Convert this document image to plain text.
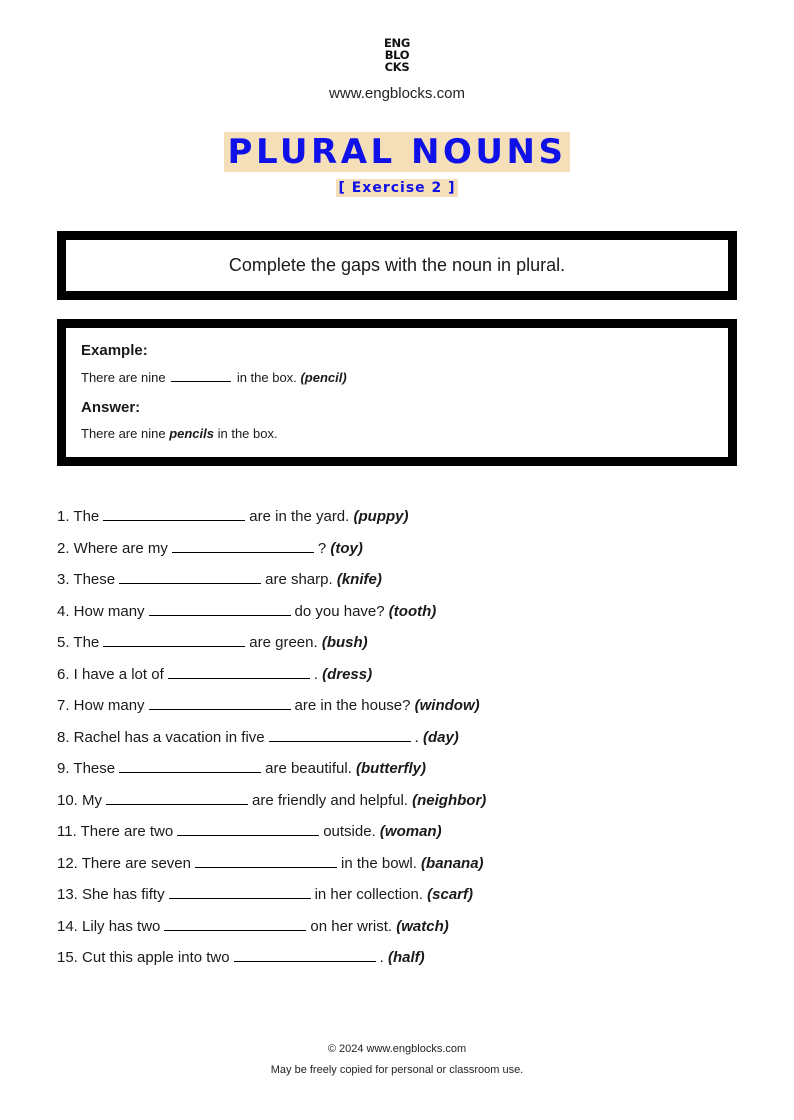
ENG
BLO
CKS
www.engblocks.com
PLURAL NOUNS
[ Exercise 2 ]
Complete the gaps with the noun in plural.
Example:
There are nine	in the box. (pencil)
Answer:
There are nine pencils in the box.
1. The	are in the yard. (puppy)
2. Where are my	? (toy)
3. These	are sharp. (knife)
4. How many	do you have? (tooth)
5. The	are green. (bush)
6. I have a lot of	. (dress)
7. How many	are in the house? (window)
8. Rachel has a vacation in five	. (day)
9. These	are beautiful. (butterfly)
10. My	are friendly and helpful. (neighbor)
11. There are two	outside. (woman)
12. There are seven	in the bowl. (banana)
13. She has fifty	in her collection. (scarf)
14. Lily has two	on her wrist. (watch)
15. Cut this apple into two	. (half)
© 2024 www.engblocks.com
May be freely copied for personal or classroom use.
